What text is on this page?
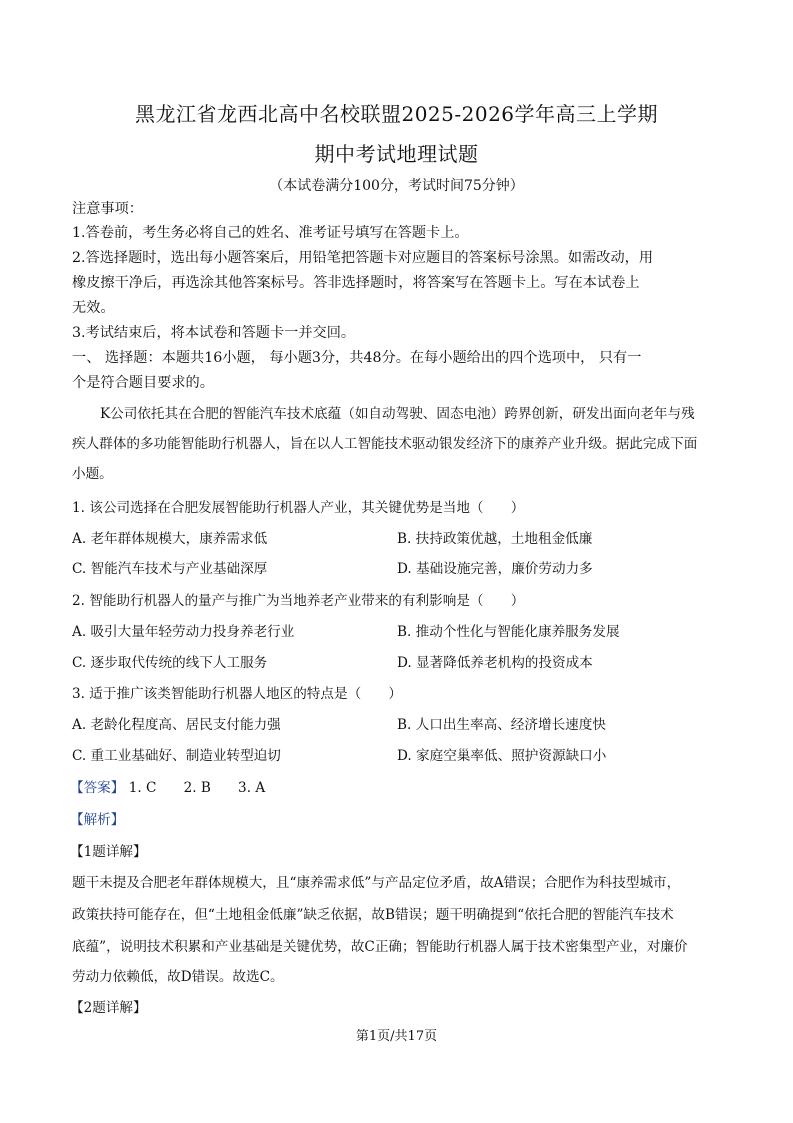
黑龙江省龙西北高中名校联盟2025-2026学年高三上学期
期中考试地理试题
（本试卷满分100分，考试时间75分钟）
注意事项：
1.答卷前，考生务必将自己的姓名、准考证号填写在答题卡上。
2.答选择题时，选出每小题答案后，用铅笔把答题卡对应题目的答案标号涂黑。如需改动，用
橡皮擦干净后，再选涂其他答案标号。答非选择题时，将答案写在答题卡上。写在本试卷上
无效。
3.考试结束后，将本试卷和答题卡一并交回。
一、 选择题：本题共16小题， 每小题3分，共48分。在每小题给出的四个选项中， 只有一
个是符合题目要求的。
K公司依托其在合肥的智能汽车技术底蕴（如自动驾驶、固态电池）跨界创新，研发出面向老年与残
疾人群体的多功能智能助行机器人，旨在以人工智能技术驱动银发经济下的康养产业升级。据此完成下面
小题。
1. 该公司选择在合肥发展智能助行机器人产业，其关键优势是当地（　　）
A. 老年群体规模大，康养需求低	B. 扶持政策优越，土地租金低廉
C. 智能汽车技术与产业基础深厚	D. 基础设施完善，廉价劳动力多
2. 智能助行机器人的量产与推广为当地养老产业带来的有利影响是（　　）
A. 吸引大量年轻劳动力投身养老行业	B. 推动个性化与智能化康养服务发展
C. 逐步取代传统的线下人工服务	D. 显著降低养老机构的投资成本
3. 适于推广该类智能助行机器人地区的特点是（　　）
A. 老龄化程度高、居民支付能力强	B. 人口出生率高、经济增长速度快
C. 重工业基础好、制造业转型迫切	D. 家庭空巢率低、照护资源缺口小
【答案】 1. C　　2. B　　3. A
【解析】
【1题详解】
题干未提及合肥老年群体规模大，且“康养需求低”与产品定位矛盾，故A错误；合肥作为科技型城市，
政策扶持可能存在，但“土地租金低廉”缺乏依据，故B错误；题干明确提到“依托合肥的智能汽车技术
底蕴”，说明技术积累和产业基础是关键优势，故C正确；智能助行机器人属于技术密集型产业，对廉价
劳动力依赖低，故D错误。故选C。
【2题详解】
第1页/共17页
